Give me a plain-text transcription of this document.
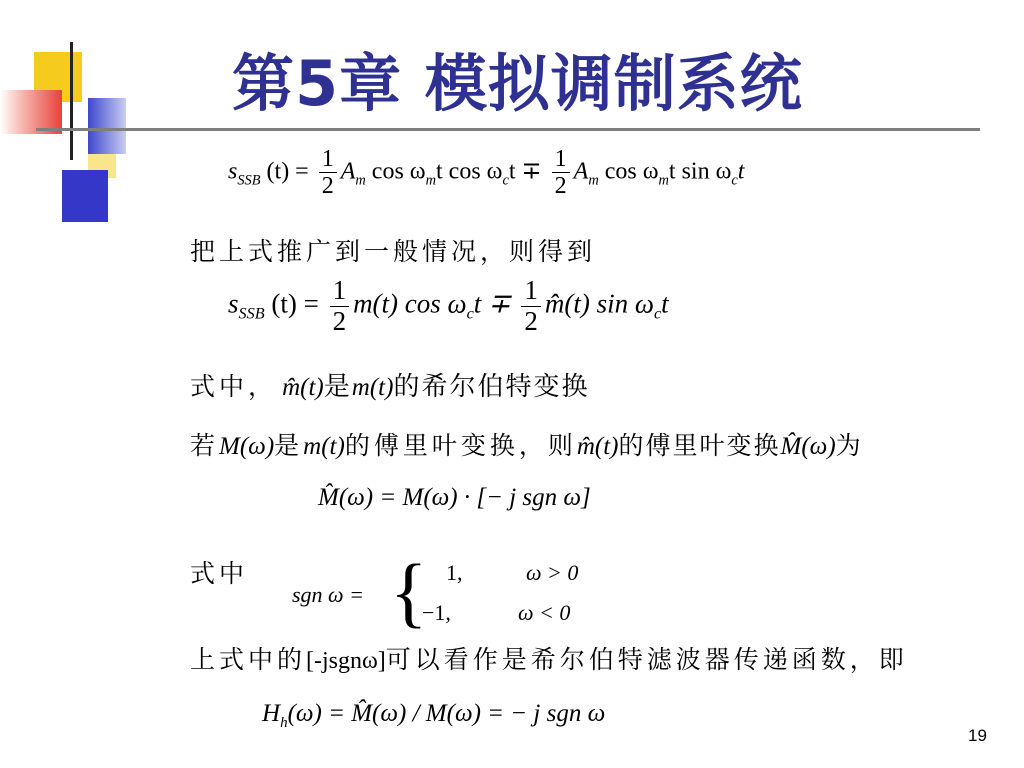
第5章 模拟调制系统
$s_{SSB}$ $(t) = \frac{1}{2} A_m$ $\cos \omega_mt$ $\cos \omega_ct \mp \frac{1}{2} A_m$ $\cos \omega_mt$ $\sin \omega_ct$
把上式推广到一般情况，则得到
$s_{SSB}$ $(t) = \frac{1}{2} m(t)$ $\cos \omega_ct \mp \frac{1}{2}$ m̂(t) $\sin \omega_ct$
式中， m̂(t)是m(t)的希尔伯特变换
若M(ω)是m(t)的傅里叶变换，则m̂(t)的傅里叶变换M̂(ω)为
M̂(ω) = M(ω) · [− j sgn ω]
式中
sgn ω = { 1,	ω > 0
−1,	ω < 0
上式中的[-jsgnω]可以看作是希尔伯特滤波器传递函数，即
$H_h(\omega)$ = M̂(ω) / M(ω) = − j sgn ω
19
